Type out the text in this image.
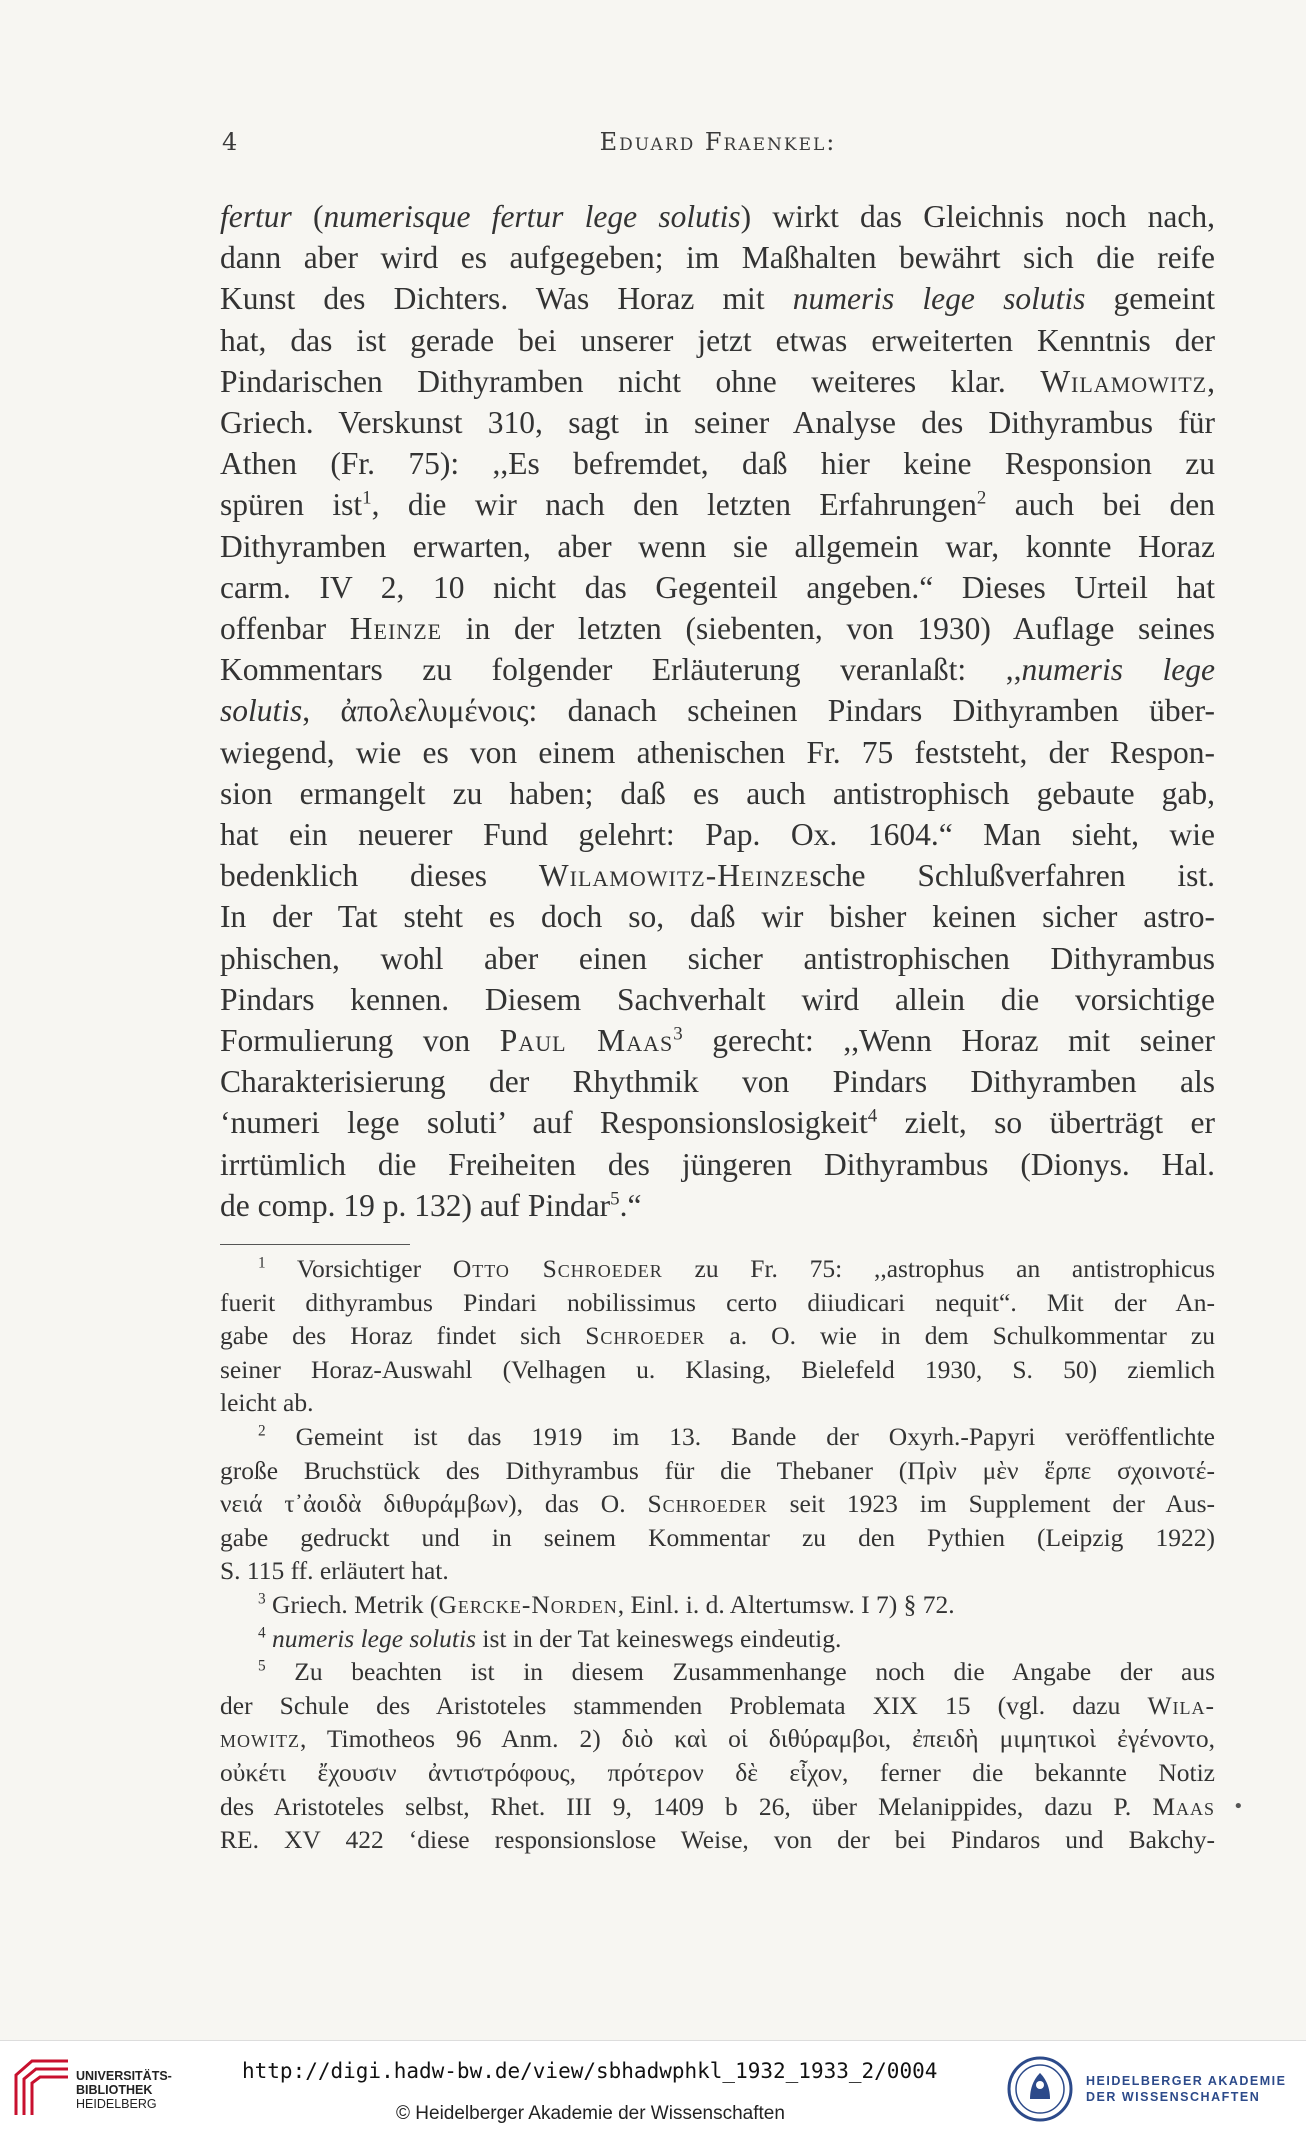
4	Eduard Fraenkel:
fertur (numerisque fertur lege solutis) wirkt das Gleichnis noch nach,
dann aber wird es aufgegeben; im Maßhalten bewährt sich die reife
Kunst des Dichters. Was Horaz mit numeris lege solutis gemeint
hat, das ist gerade bei unserer jetzt etwas erweiterten Kenntnis der
Pindarischen Dithyramben nicht ohne weiteres klar. Wilamowitz,
Griech. Verskunst 310, sagt in seiner Analyse des Dithyrambus für
Athen (Fr. 75): ,,Es befremdet, daß hier keine Responsion zu
spüren ist$^1$, die wir nach den letzten Erfahrungen$^2$ auch bei den
Dithyramben erwarten, aber wenn sie allgemein war, konnte Horaz
carm. IV 2, 10 nicht das Gegenteil angeben.“ Dieses Urteil hat
offenbar Heinze in der letzten (siebenten, von 1930) Auflage seines
Kommentars zu folgender Erläuterung veranlaßt: ,,numeris lege
solutis, ἀπολελυμένοις: danach scheinen Pindars Dithyramben über-
wiegend, wie es von einem athenischen Fr. 75 feststeht, der Respon-
sion ermangelt zu haben; daß es auch antistrophisch gebaute gab,
hat ein neuerer Fund gelehrt: Pap. Ox. 1604.“ Man sieht, wie
bedenklich dieses Wilamowitz-Heinzesche Schlußverfahren ist.
In der Tat steht es doch so, daß wir bisher keinen sicher astro-
phischen, wohl aber einen sicher antistrophischen Dithyrambus
Pindars kennen. Diesem Sachverhalt wird allein die vorsichtige
Formulierung von Paul Maas$^3$ gerecht: ,,Wenn Horaz mit seiner
Charakterisierung der Rhythmik von Pindars Dithyramben als
‘numeri lege soluti’ auf Responsionslosigkeit$^4$ zielt, so überträgt er
irrtümlich die Freiheiten des jüngeren Dithyrambus (Dionys. Hal.
de comp. 19 p. 132) auf Pindar$^5$.“
$^1$ Vorsichtiger Otto Schroeder zu Fr. 75: ,,astrophus an antistrophicus
fuerit dithyrambus Pindari nobilissimus certo diiudicari nequit“. Mit der An-
gabe des Horaz findet sich Schroeder a. O. wie in dem Schulkommentar zu
seiner Horaz-Auswahl (Velhagen u. Klasing, Bielefeld 1930, S. 50) ziemlich
leicht ab.
$^2$ Gemeint ist das 1919 im 13. Bande der Oxyrh.-Papyri veröffentlichte
große Bruchstück des Dithyrambus für die Thebaner (Πρὶν μὲν ἕρπε σχοινοτέ-
νειά τ᾽ἀοιδὰ διθυράμβων), das O. Schroeder seit 1923 im Supplement der Aus-
gabe gedruckt und in seinem Kommentar zu den Pythien (Leipzig 1922)
S. 115 ff. erläutert hat.
$^3$ Griech. Metrik (Gercke-Norden, Einl. i. d. Altertumsw. I 7) § 72.
$^4$ numeris lege solutis ist in der Tat keineswegs eindeutig.
$^5$ Zu beachten ist in diesem Zusammenhange noch die Angabe der aus
der Schule des Aristoteles stammenden Problemata XIX 15 (vgl. dazu Wila-
mowitz, Timotheos 96 Anm. 2) διὸ καὶ οἱ διθύραμβοι, ἐπειδὴ μιμητικοὶ ἐγένοντο,
οὐκέτι ἔχουσιν ἀντιστρόφους, πρότερον δὲ εἶχον, ferner die bekannte Notiz
des Aristoteles selbst, Rhet. III 9, 1409 b 26, über Melanippides, dazu P. Maas
RE. XV 422 ‘diese responsionslose Weise, von der bei Pindaros und Bakchy-
•
UNIVERSITÄTS-
BIBLIOTHEK
HEIDELBERG
http://digi.hadw-bw.de/view/sbhadwphkl_1932_1933_2/0004
© Heidelberger Akademie der Wissenschaften
HEIDELBERGER AKADEMIE
DER WISSENSCHAFTEN
